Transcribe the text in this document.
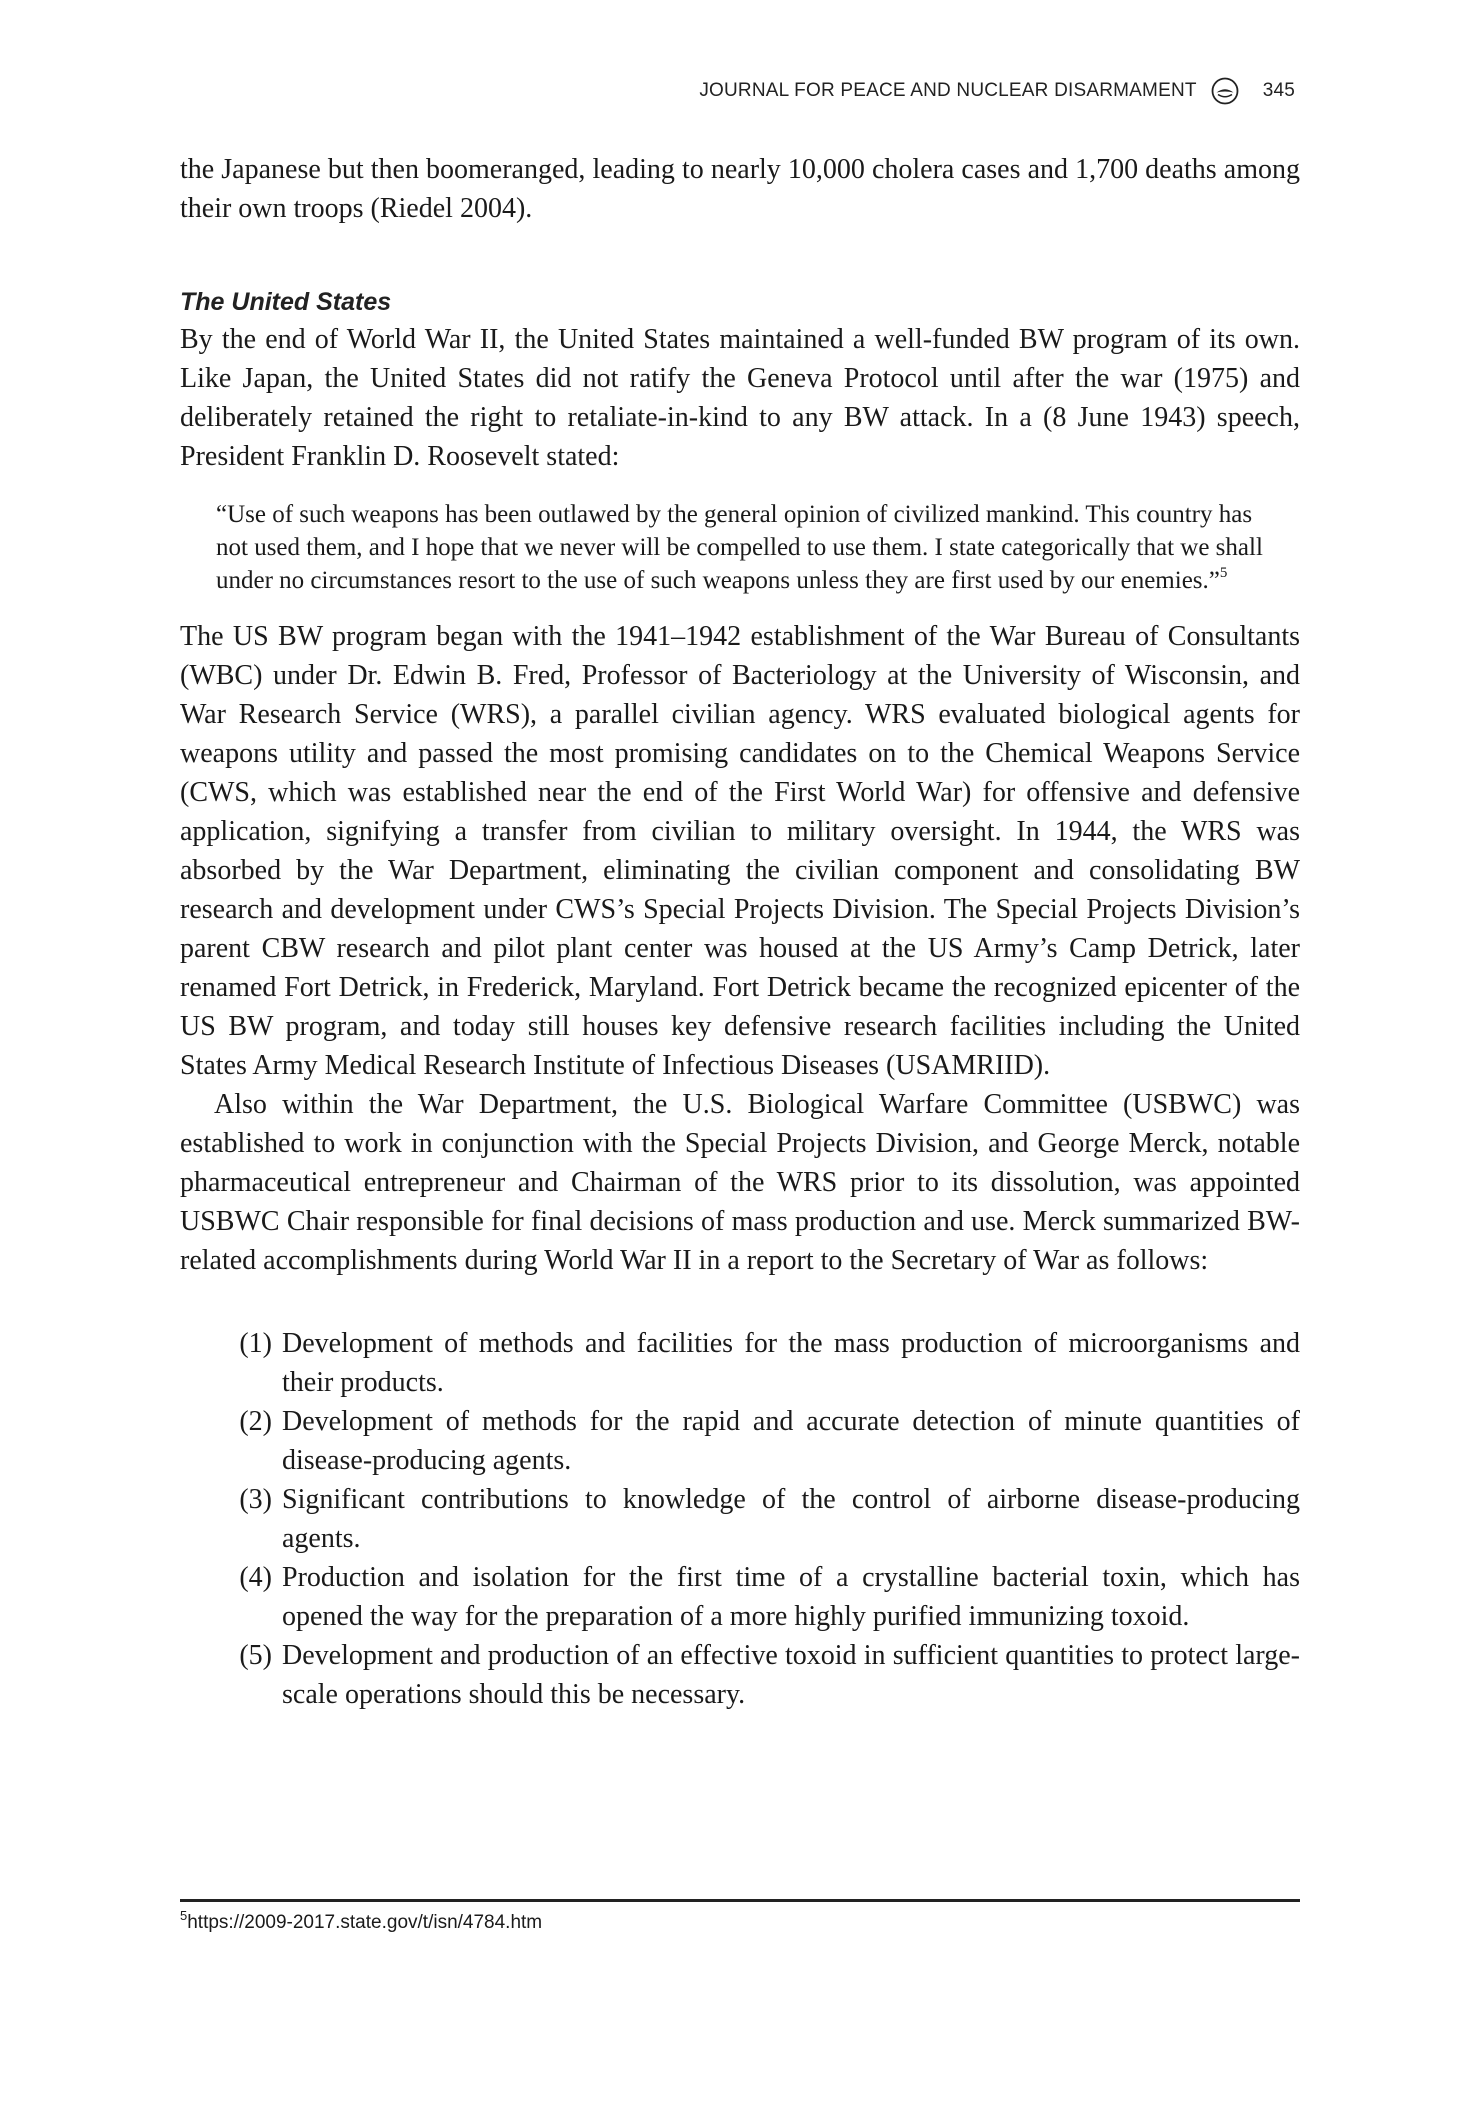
JOURNAL FOR PEACE AND NUCLEAR DISARMAMENT	345

the Japanese but then boomeranged, leading to nearly 10,000 cholera cases and 1,700 deaths among their own troops (Riedel 2004).

The United States

By the end of World War II, the United States maintained a well-funded BW program of its own. Like Japan, the United States did not ratify the Geneva Protocol until after the war (1975) and deliberately retained the right to retaliate-in-kind to any BW attack. In a (8 June 1943) speech, President Franklin D. Roosevelt stated:

“Use of such weapons has been outlawed by the general opinion of civilized mankind. This country has not used them, and I hope that we never will be compelled to use them. I state categorically that we shall under no circumstances resort to the use of such weapons unless they are first used by our enemies.”$^5$

The US BW program began with the 1941–1942 establishment of the War Bureau of Consultants (WBC) under Dr. Edwin B. Fred, Professor of Bacteriology at the University of Wisconsin, and War Research Service (WRS), a parallel civilian agency. WRS evaluated biological agents for weapons utility and passed the most promising candidates on to the Chemical Weapons Service (CWS, which was established near the end of the First World War) for offensive and defensive application, signifying a transfer from civilian to military oversight. In 1944, the WRS was absorbed by the War Department, eliminating the civilian component and consolidating BW research and development under CWS’s Special Projects Division. The Special Projects Division’s parent CBW research and pilot plant center was housed at the US Army’s Camp Detrick, later renamed Fort Detrick, in Frederick, Maryland. Fort Detrick became the recognized epicenter of the US BW program, and today still houses key defensive research facilities including the United States Army Medical Research Institute of Infectious Diseases (USAMRIID).

Also within the War Department, the U.S. Biological Warfare Committee (USBWC) was established to work in conjunction with the Special Projects Division, and George Merck, notable pharmaceutical entrepreneur and Chairman of the WRS prior to its dissolution, was appointed USBWC Chair responsible for final decisions of mass production and use. Merck summarized BW-related accomplishments during World War II in a report to the Secretary of War as follows:

(1) Development of methods and facilities for the mass production of microorganisms and their products.
(2) Development of methods for the rapid and accurate detection of minute quantities of disease-producing agents.
(3) Significant contributions to knowledge of the control of airborne disease-producing agents.
(4) Production and isolation for the first time of a crystalline bacterial toxin, which has opened the way for the preparation of a more highly purified immunizing toxoid.
(5) Development and production of an effective toxoid in sufficient quantities to protect large-scale operations should this be necessary.
$^5$https://2009-2017.state.gov/t/isn/4784.htm
